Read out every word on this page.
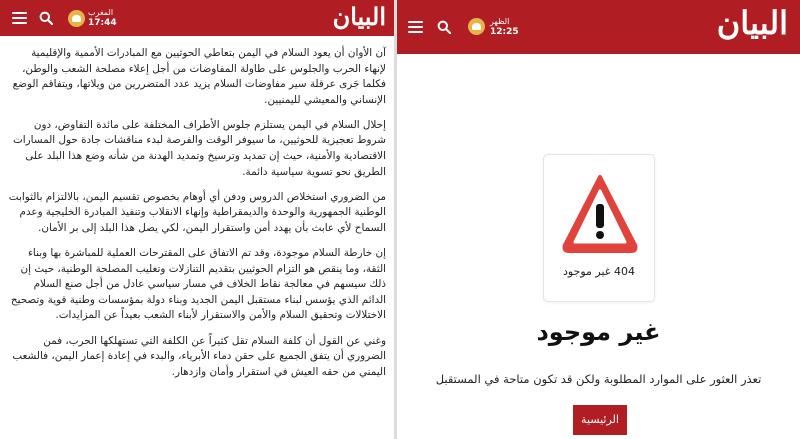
المغرب
17:44	البيان

آن الأوان أن يعود السلام في اليمن بتعاطي الحوثيين مع المبادرات الأممية والإقليمية لإنهاء الحرب والجلوس على طاولة المفاوضات من أجل إعلاء مصلحة الشعب والوطن، فكلما جَرى عرقلة سير مفاوضات السلام يزيد عدد المتضررين من ويلاتها، ويتفاقم الوضع الإنساني والمعيشي لليمنيين.

إحلال السلام في اليمن يستلزم جلوس الأطراف المختلفة على مائدة التفاوض، دون شروط تعجيزية للحوثيين، ما سيوفر الوقت والفرصة لبدء مناقشات جادة حول المسارات الاقتصادية والأمنية، حيث إن تمديد وترسيخ وتمديد الهدنة من شأنه وضع هذا البلد على الطريق نحو تسوية سياسية دائمة.

من الضروري استخلاص الدروس ودفن أي أوهام بخصوص تقسيم اليمن، بالالتزام بالثوابت الوطنية الجمهورية والوحدة والديمقراطية وإنهاء الانقلاب وتنفيذ المبادرة الخليجية وعدم السماح لأي عابث بأن يهدد أمن واستقرار اليمن، لكي يصل هذا البلد إلى بر الأمان.

إن خارطة السلام موجودة، وقد تم الاتفاق على المقترحات العملية للمباشرة بها وبناء الثقة، وما ينقص هو التزام الحوثيين بتقديم التنازلات وتغليب المصلحة الوطنية، حيث إن ذلك سيسهم في معالجة نقاط الخلاف في مسار سياسي عادل من أجل صنع السلام الدائم الذي يؤسس لبناء مستقبل اليمن الجديد وبناء دولة بمؤسسات وطنية قوية وتصحيح الاختلالات وتحقيق السلام والأمن والاستقرار لأبناء الشعب بعيداً عن المزايدات.

وغني عن القول أن كلفة السلام تقل كثيراً عن الكلفة التي تستهلكها الحرب، فمن الضروري أن يتفق الجميع على حقن دماء الأبرياء، والبدء في إعادة إعمار اليمن، فالشعب اليمني من حقه العيش في استقرار وأمان وازدهار.

الظهر
12:25	البيان
404 غير موجود
غير موجود
تعذر العثور على الموارد المطلوبة ولكن قد تكون متاحة في المستقبل
الرئيسية
